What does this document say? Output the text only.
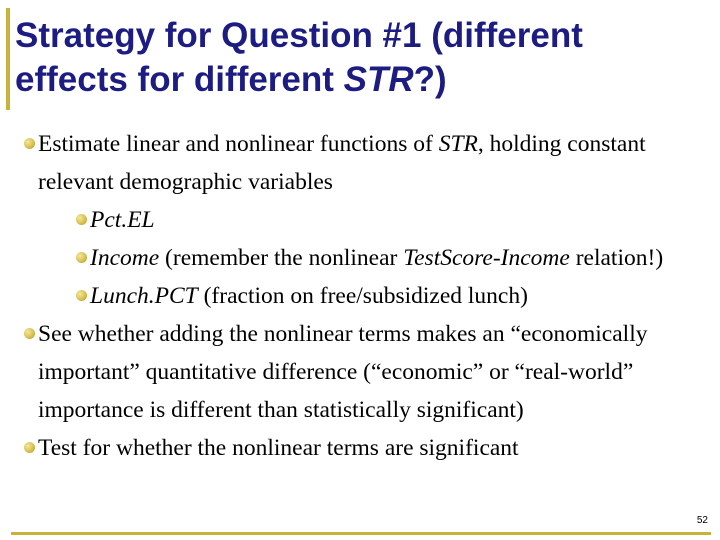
Strategy for Question #1 (different
effects for different STR?)
Estimate linear and nonlinear functions of STR, holding constant
relevant demographic variables
Pct.EL
Income (remember the nonlinear TestScore-Income relation!)
Lunch.PCT (fraction on free/subsidized lunch)
See whether adding the nonlinear terms makes an “economically
important” quantitative difference (“economic” or “real-world”
importance is different than statistically significant)
Test for whether the nonlinear terms are significant
52
